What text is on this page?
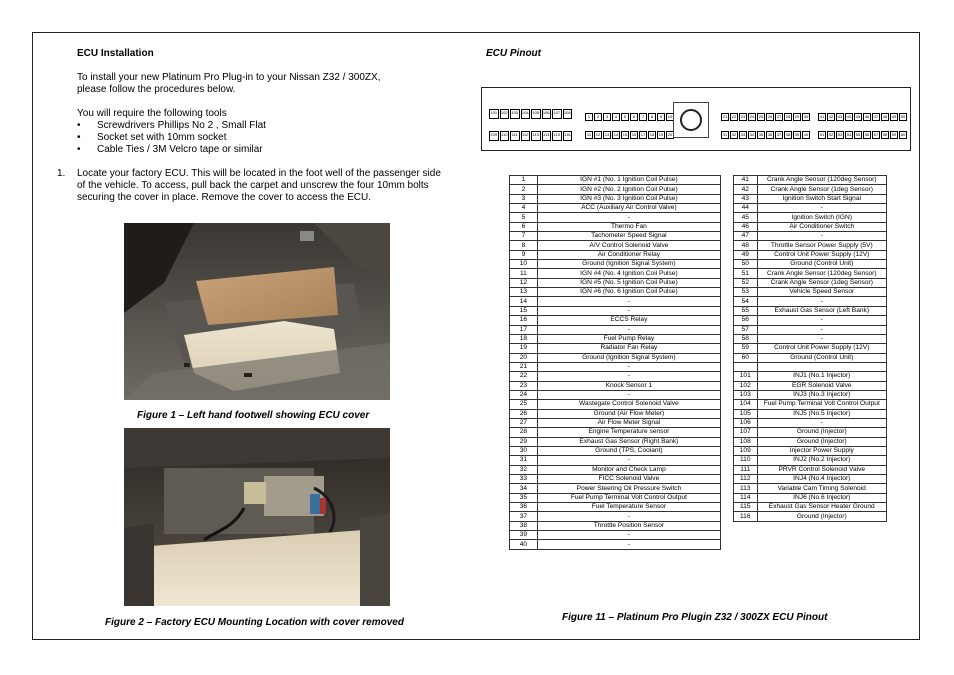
ECU Installation
To install your new Platinum Pro Plug-in to your Nissan Z32 / 300ZX,
please follow the procedures below.
You will require the following tools
• Screwdrivers Phillips No 2 , Small Flat
• Socket set with 10mm socket
• Cable Ties / 3M Velcro tape or similar
1. Locate your factory ECU. This will be located in the foot well of the passenger side
of the vehicle. To access, pull back the carpet and unscrew the four 10mm bolts
securing the cover in place. Remove the cover to access the ECU.
Figure 1 – Left hand footwell showing ECU cover
Figure 2 – Factory ECU Mounting Location with cover removed
ECU Pinout
101 102 103 104 105 106 107 108
109 110	111	112	113	114	115	116
1	2	3	4	5	6	7	8	9	10
11	12	13	14	15	16	17	18	19	20
21	22	23	24	25	26	27	28	29	30
31	32	33	34	35	36	37	38	39	40
41	42	43	44	45	46	47	48	49	50
51	52	53	54	55	56	57	58	59	60
1	IGN #1 (No. 1 Ignition Coil Pulse)
2	IGN #2 (No. 2 Ignition Coil Pulse)
3	IGN #3 (No. 3 Ignition Coil Pulse)
4	ACC (Auxiliary Air Control Valve)
5	-
6	Thermo Fan
7	Tachometer Speed Signal
8	A/V Control Solenoid Valve
9	Air Conditioner Relay
10	Ground (Ignition Signal System)
11	IGN #4 (No. 4 Ignition Coil Pulse)
12	IGN #5 (No. 5 Ignition Coil Pulse)
13	IGN #6 (No. 6 Ignition Coil Pulse)
14	-
15	-
16	ECCS Relay
17	-
18	Fuel Pump Relay
19	Radiator Fan Relay
20	Ground (Ignition Signal System)
21	-
22	-
23	Knock Sensor 1
24	-
25	Wastegate Control Solenoid Valve
26	Ground (Air Flow Meter)
27	Air Flow Meter Signal
28	Engine Temperature sensor
29	Exhaust Gas Sensor (Right Bank)
30	Ground (TPS, Coolant)
31	-
32	Monitor and Check Lamp
33	FICC Solenoid Valve
34	Power Steering Oil Pressure Switch
35	Fuel Pump Terminal Volt Control Output
36	Fuel Temperature Sensor
37	-
38	Throttle Position Sensor
39	-
40	-
41	Crank Angle Sensor (120deg Sensor)
42	Crank Angle Sensor (1deg Sensor)
43	Ignition Switch Start Signal
44	-
45	Ignition Switch (IGN)
46	Air Conditioner Switch
47	-
48	Throttle Sensor Power Supply (5V)
49	Control Unit Power Supply (12V)
50	Ground (Control Unit)
51	Crank Angle Sensor (120deg Sensor)
52	Crank Angle Sensor (1deg Sensor)
53	Vehicle Speed Sensor
54	-
55	Exhaust Gas Sensor (Left Bank)
56	-
57	-
58	-
59	Control Unit Power Supply (12V)
60	Ground (Control Unit)

101	INJ1 (No.1 Injector)
102	EGR Solenoid Valve
103	INJ3 (No.3 Injector)
104	Fuel Pump Terminal Volt Control Output
105	INJ5 (No.5 Injector)
106	-
107	Ground (Injector)
108	Ground (Injector)
109	Injector Power Supply
110	INJ2 (No.2 Injector)
111	PRVR Control Solenoid Valve
112	INJ4 (No.4 Injector)
113	Variable Cam Timing Solenoid
114	INJ6 (No.6 Injector)
115	Exhaust Gas Sensor Heater Ground
116	Ground (Injector)
Figure 11 – Platinum Pro Plugin Z32 / 300ZX ECU Pinout
